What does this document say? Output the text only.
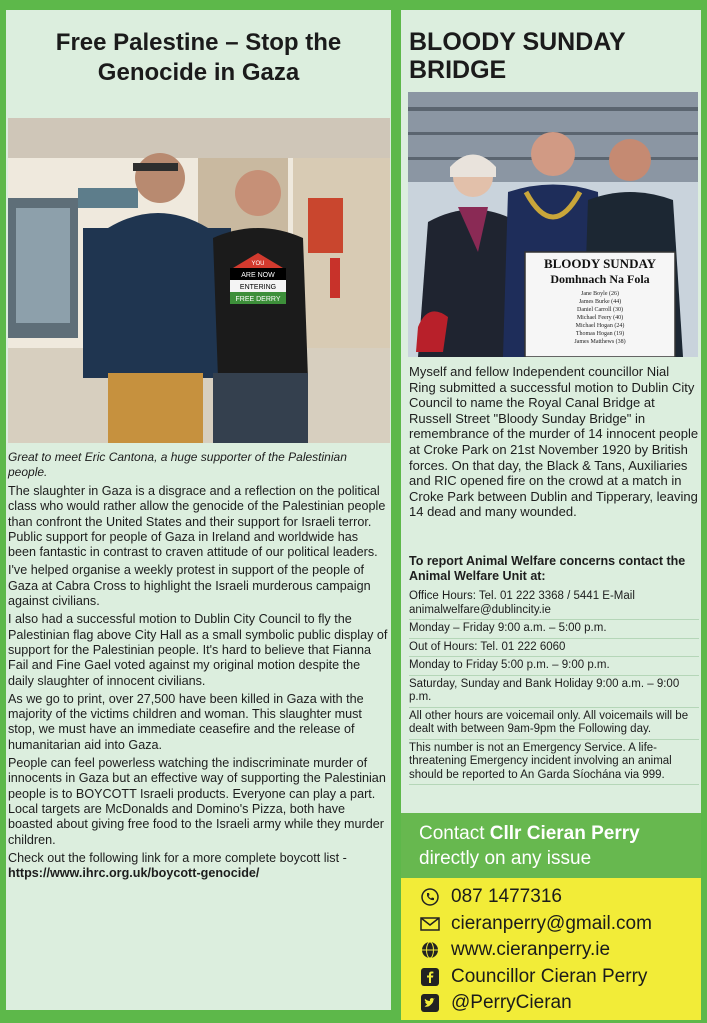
Free Palestine – Stop the Genocide in Gaza
YOU
ARE NOW
ENTERING
FREE DERRY
Great to meet Eric Cantona, a huge supporter of the Palestinian people.

The slaughter in Gaza is a disgrace and a reflection on the political class who would rather allow the genocide of the Palestinian people than confront the United States and their support for Israeli terror. Public support for people of Gaza in Ireland and worldwide has been fantastic in contrast to craven attitude of our political leaders.

I've helped organise a weekly protest in support of the people of Gaza at Cabra Cross to highlight the Israeli murderous campaign against civilians.

I also had a successful motion to Dublin City Council to fly the Palestinian flag above City Hall as a small symbolic public display of support for the Palestinian people. It's hard to believe that Fianna Fail and Fine Gael voted against my original motion despite the daily slaughter of innocent civilians.

As we go to print, over 27,500 have been killed in Gaza with the majority of the victims children and woman. This slaughter must stop, we must have an immediate ceasefire and the release of humanitarian aid into Gaza.

People can feel powerless watching the indiscriminate murder of innocents in Gaza but an effective way of supporting the Palestinian people is to BOYCOTT Israeli products. Everyone can play a part. Local targets are McDonalds and Domino's Pizza, both have boasted about giving free food to the Israeli army while they murder children.

Check out the following link for a more complete boycott list - https://www.ihrc.org.uk/boycott-genocide/

BLOODY SUNDAY BRIDGE
BLOODY SUNDAY
Domhnach Na Fola
Jane Boyle (26)
James Burke (44)
Daniel Carroll (30)
Michael Feery (40)
Michael Hogan (24)
Thomas Hogan (19)
James Matthews (38)
Myself and fellow Independent councillor Nial Ring submitted a successful motion to Dublin City Council to name the Royal Canal Bridge at Russell Street "Bloody Sunday Bridge" in remembrance of the murder of 14 innocent people at Croke Park on 21st November 1920 by British forces. On that day, the Black & Tans, Auxiliaries and RIC opened fire on the crowd at a match in Croke Park between Dublin and Tipperary, leaving 14 dead and many wounded.
To report Animal Welfare concerns contact the Animal Welfare Unit at:
Office Hours: Tel. 01 222 3368 / 5441 E-Mail animalwelfare@dublincity.ie
Monday – Friday 9:00 a.m. – 5:00 p.m.
Out of Hours: Tel. 01 222 6060
Monday to Friday 5:00 p.m. – 9:00 p.m.
Saturday, Sunday and Bank Holiday 9:00 a.m. – 9:00 p.m.
All other hours are voicemail only. All voicemails will be dealt with between 9am-9pm the Following day.
This number is not an Emergency Service. A life-threatening Emergency incident involving an animal should be reported to An Garda Síochána via 999.
Contact Cllr Cieran Perry
directly on any issue
087 1477316
cieranperry@gmail.com
www.cieranperry.ie
Councillor Cieran Perry
@PerryCieran
